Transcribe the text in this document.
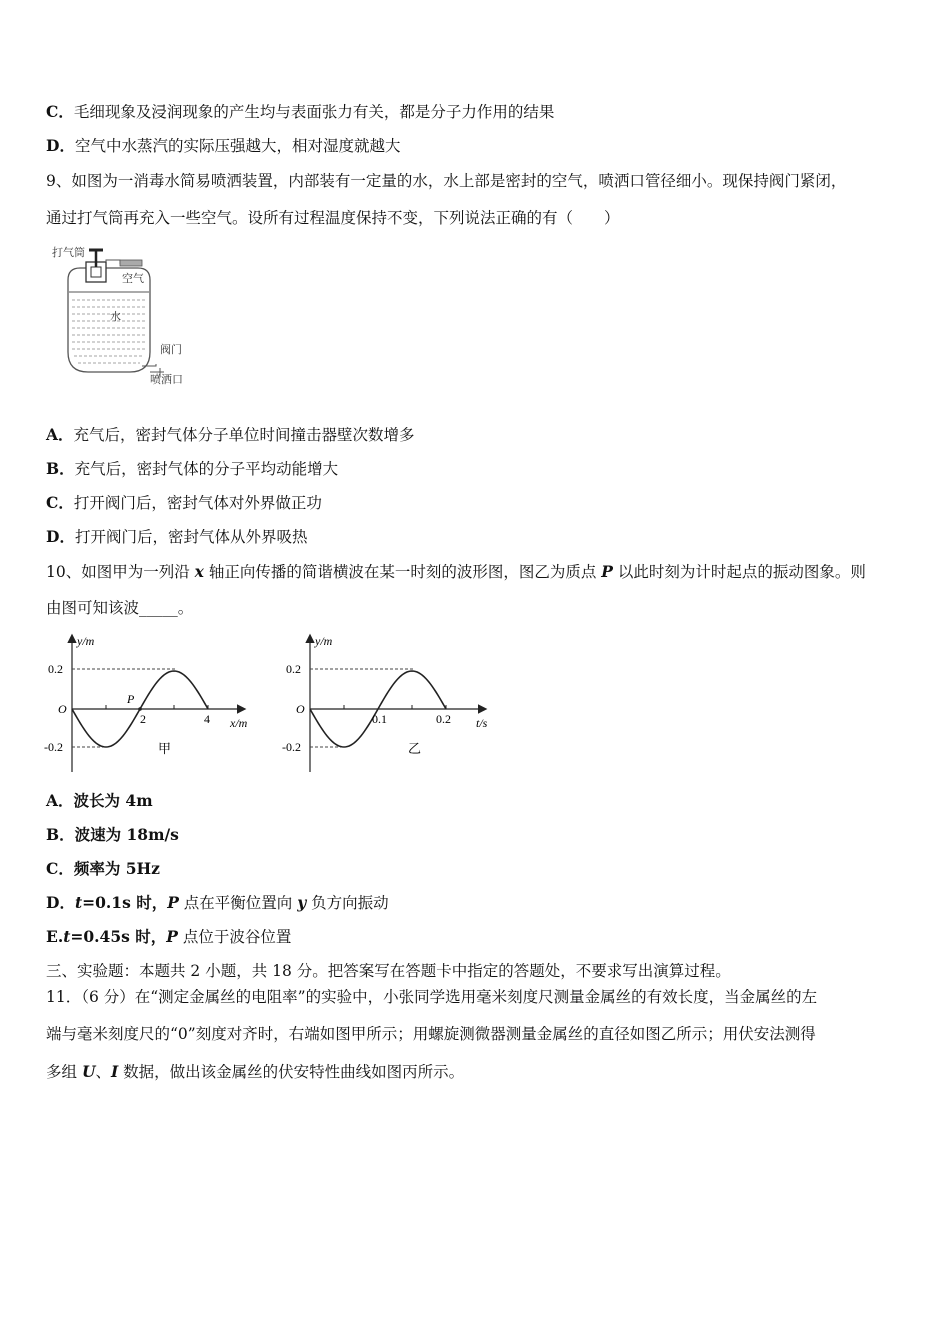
C．毛细现象及浸润现象的产生均与表面张力有关，都是分子力作用的结果
D．空气中水蒸汽的实际压强越大，相对湿度就越大
9、如图为一消毒水简易喷洒装置，内部装有一定量的水，水上部是密封的空气，喷洒口管径细小。现保持阀门紧闭，
通过打气筒再充入一些空气。设所有过程温度保持不变，下列说法正确的有（　　）
打气筒
空气
水
阀门
喷洒口
A．充气后，密封气体分子单位时间撞击器壁次数增多
B．充气后，密封气体的分子平均动能增大
C．打开阀门后，密封气体对外界做正功
D．打开阀门后，密封气体从外界吸热
10、如图甲为一列沿 x 轴正向传播的简谐横波在某一时刻的波形图，图乙为质点 P 以此时刻为计时起点的振动图象。则
由图可知该波_____。
y/m
0.2
O
-0.2
P
2	4 x/m
甲
y/m
0.2
O
-0.2
0.1	0.2 t/s
乙
A．波长为 4m
B．波速为 18m/s
C．频率为 5Hz
D．t=0.1s 时，P 点在平衡位置向 y 负方向振动
E.t=0.45s 时，P 点位于波谷位置
三、实验题：本题共 2 小题，共 18 分。把答案写在答题卡中指定的答题处，不要求写出演算过程。
11．（6 分）在“测定金属丝的电阻率”的实验中，小张同学选用毫米刻度尺测量金属丝的有效长度，当金属丝的左
端与毫米刻度尺的“0”刻度对齐时，右端如图甲所示；用螺旋测微器测量金属丝的直径如图乙所示；用伏安法测得
多组 U、I 数据，做出该金属丝的伏安特性曲线如图丙所示。
